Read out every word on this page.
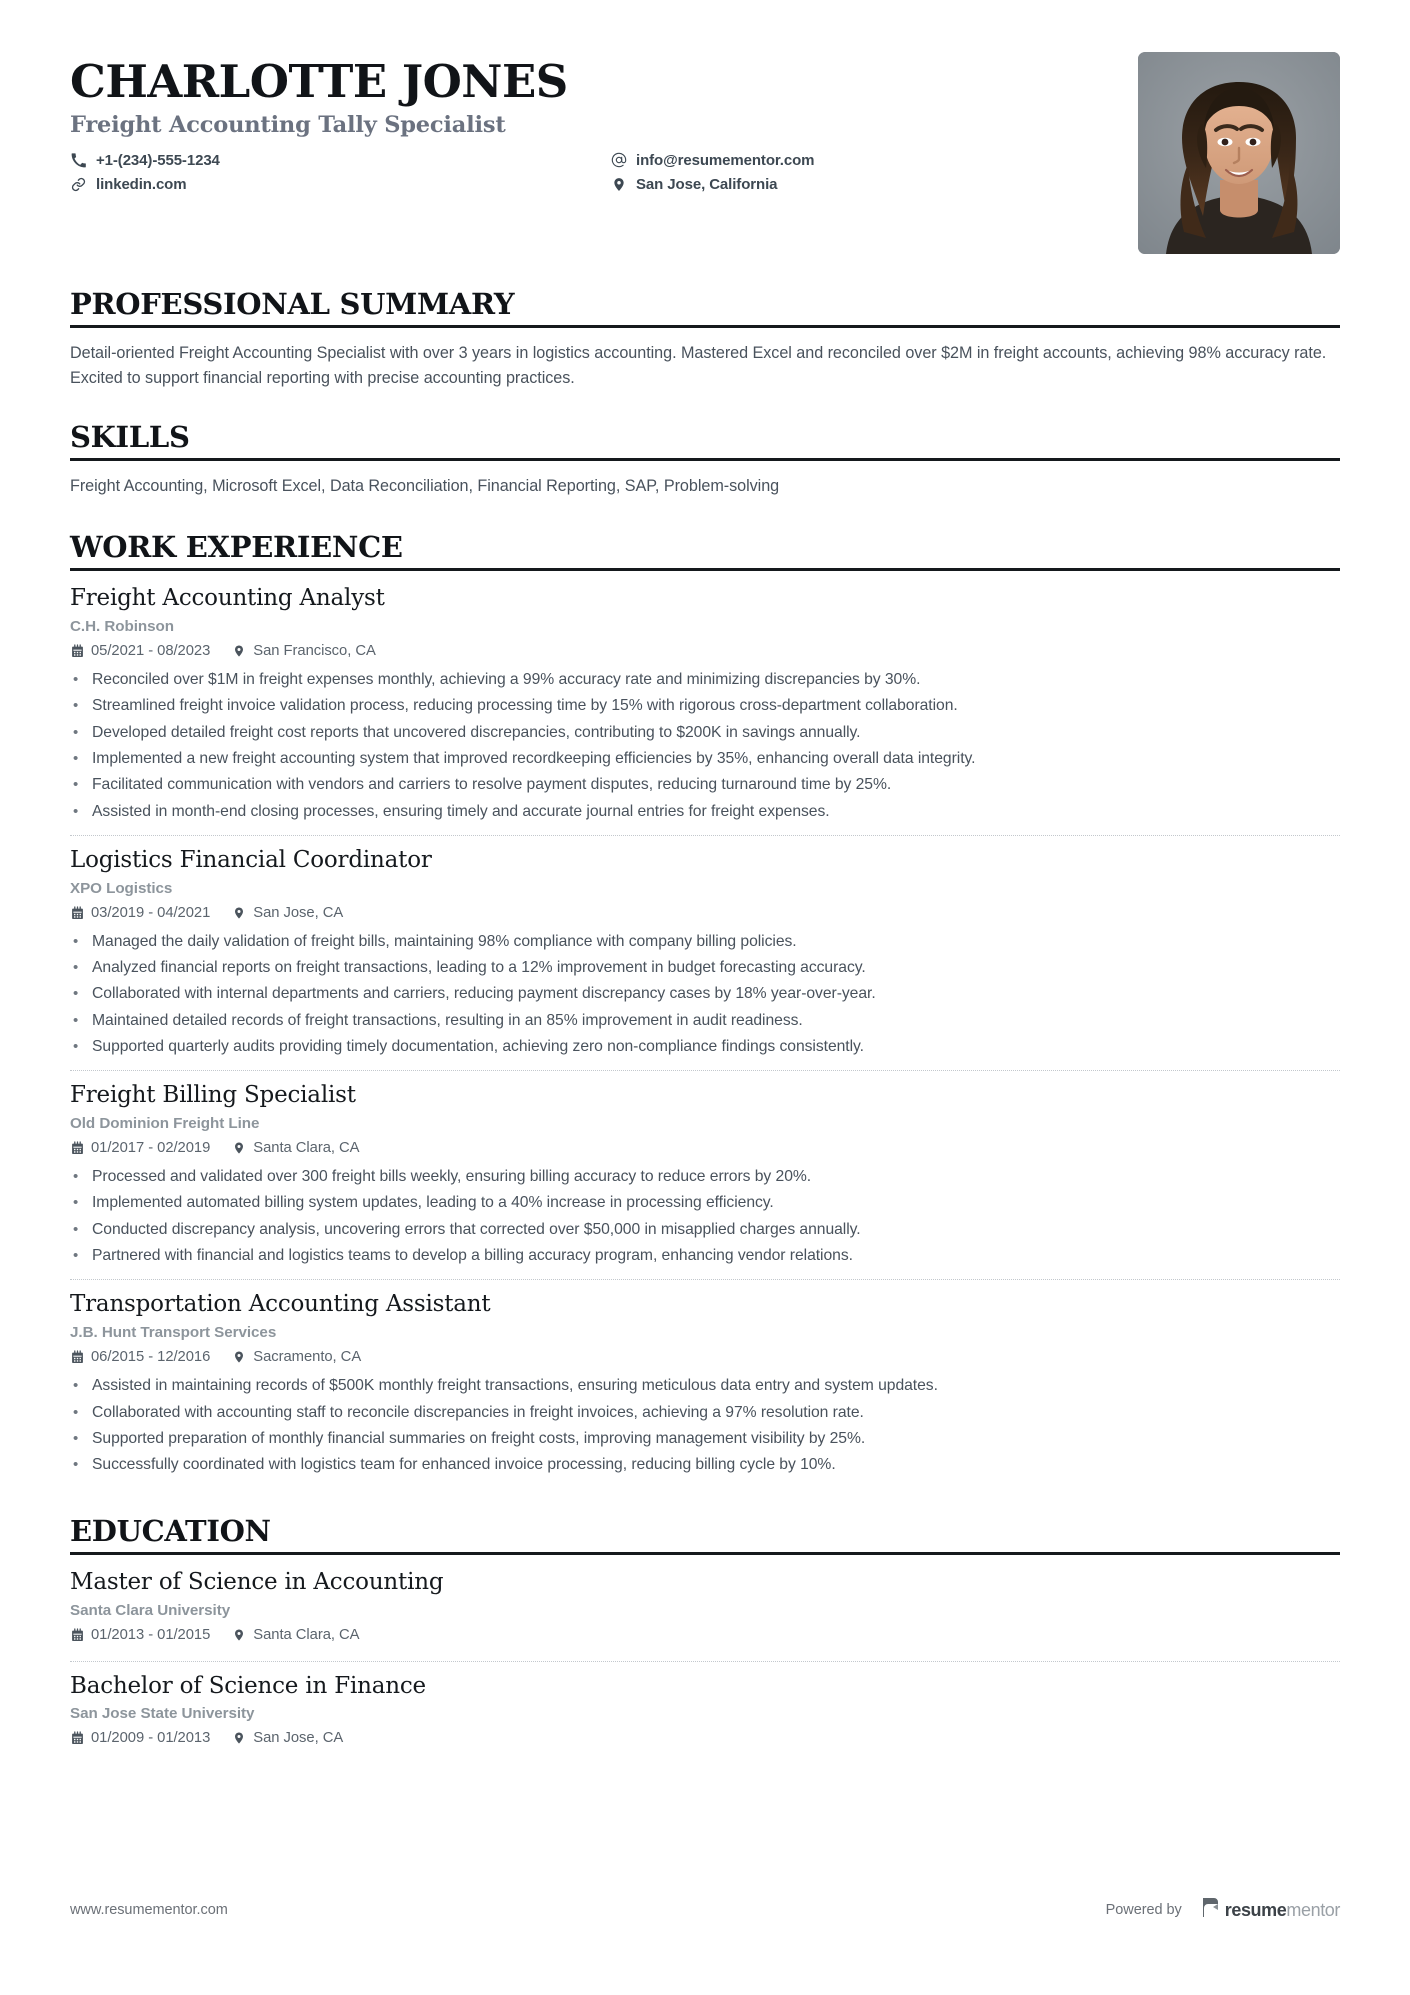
CHARLOTTE JONES
Freight Accounting Tally Specialist
+1-(234)-555-1234
linkedin.com
info@resumementor.com
San Jose, California
PROFESSIONAL SUMMARY
Detail-oriented Freight Accounting Specialist with over 3 years in logistics accounting. Mastered Excel and reconciled over $2M in freight accounts, achieving 98% accuracy rate. Excited to support financial reporting with precise accounting practices.
SKILLS
Freight Accounting, Microsoft Excel, Data Reconciliation, Financial Reporting, SAP, Problem-solving
WORK EXPERIENCE
Freight Accounting Analyst
C.H. Robinson
05/2021 - 08/2023	San Francisco, CA
• Reconciled over $1M in freight expenses monthly, achieving a 99% accuracy rate and minimizing discrepancies by 30%.
• Streamlined freight invoice validation process, reducing processing time by 15% with rigorous cross-department collaboration.
• Developed detailed freight cost reports that uncovered discrepancies, contributing to $200K in savings annually.
• Implemented a new freight accounting system that improved recordkeeping efficiencies by 35%, enhancing overall data integrity.
• Facilitated communication with vendors and carriers to resolve payment disputes, reducing turnaround time by 25%.
• Assisted in month-end closing processes, ensuring timely and accurate journal entries for freight expenses.
Logistics Financial Coordinator
XPO Logistics
03/2019 - 04/2021	San Jose, CA
• Managed the daily validation of freight bills, maintaining 98% compliance with company billing policies.
• Analyzed financial reports on freight transactions, leading to a 12% improvement in budget forecasting accuracy.
• Collaborated with internal departments and carriers, reducing payment discrepancy cases by 18% year-over-year.
• Maintained detailed records of freight transactions, resulting in an 85% improvement in audit readiness.
• Supported quarterly audits providing timely documentation, achieving zero non-compliance findings consistently.
Freight Billing Specialist
Old Dominion Freight Line
01/2017 - 02/2019	Santa Clara, CA
• Processed and validated over 300 freight bills weekly, ensuring billing accuracy to reduce errors by 20%.
• Implemented automated billing system updates, leading to a 40% increase in processing efficiency.
• Conducted discrepancy analysis, uncovering errors that corrected over $50,000 in misapplied charges annually.
• Partnered with financial and logistics teams to develop a billing accuracy program, enhancing vendor relations.
Transportation Accounting Assistant
J.B. Hunt Transport Services
06/2015 - 12/2016	Sacramento, CA
• Assisted in maintaining records of $500K monthly freight transactions, ensuring meticulous data entry and system updates.
• Collaborated with accounting staff to reconcile discrepancies in freight invoices, achieving a 97% resolution rate.
• Supported preparation of monthly financial summaries on freight costs, improving management visibility by 25%.
• Successfully coordinated with logistics team for enhanced invoice processing, reducing billing cycle by 10%.
EDUCATION
Master of Science in Accounting
Santa Clara University
01/2013 - 01/2015	Santa Clara, CA
Bachelor of Science in Finance
San Jose State University
01/2009 - 01/2013	San Jose, CA
www.resumementor.com	Powered by resumementor
